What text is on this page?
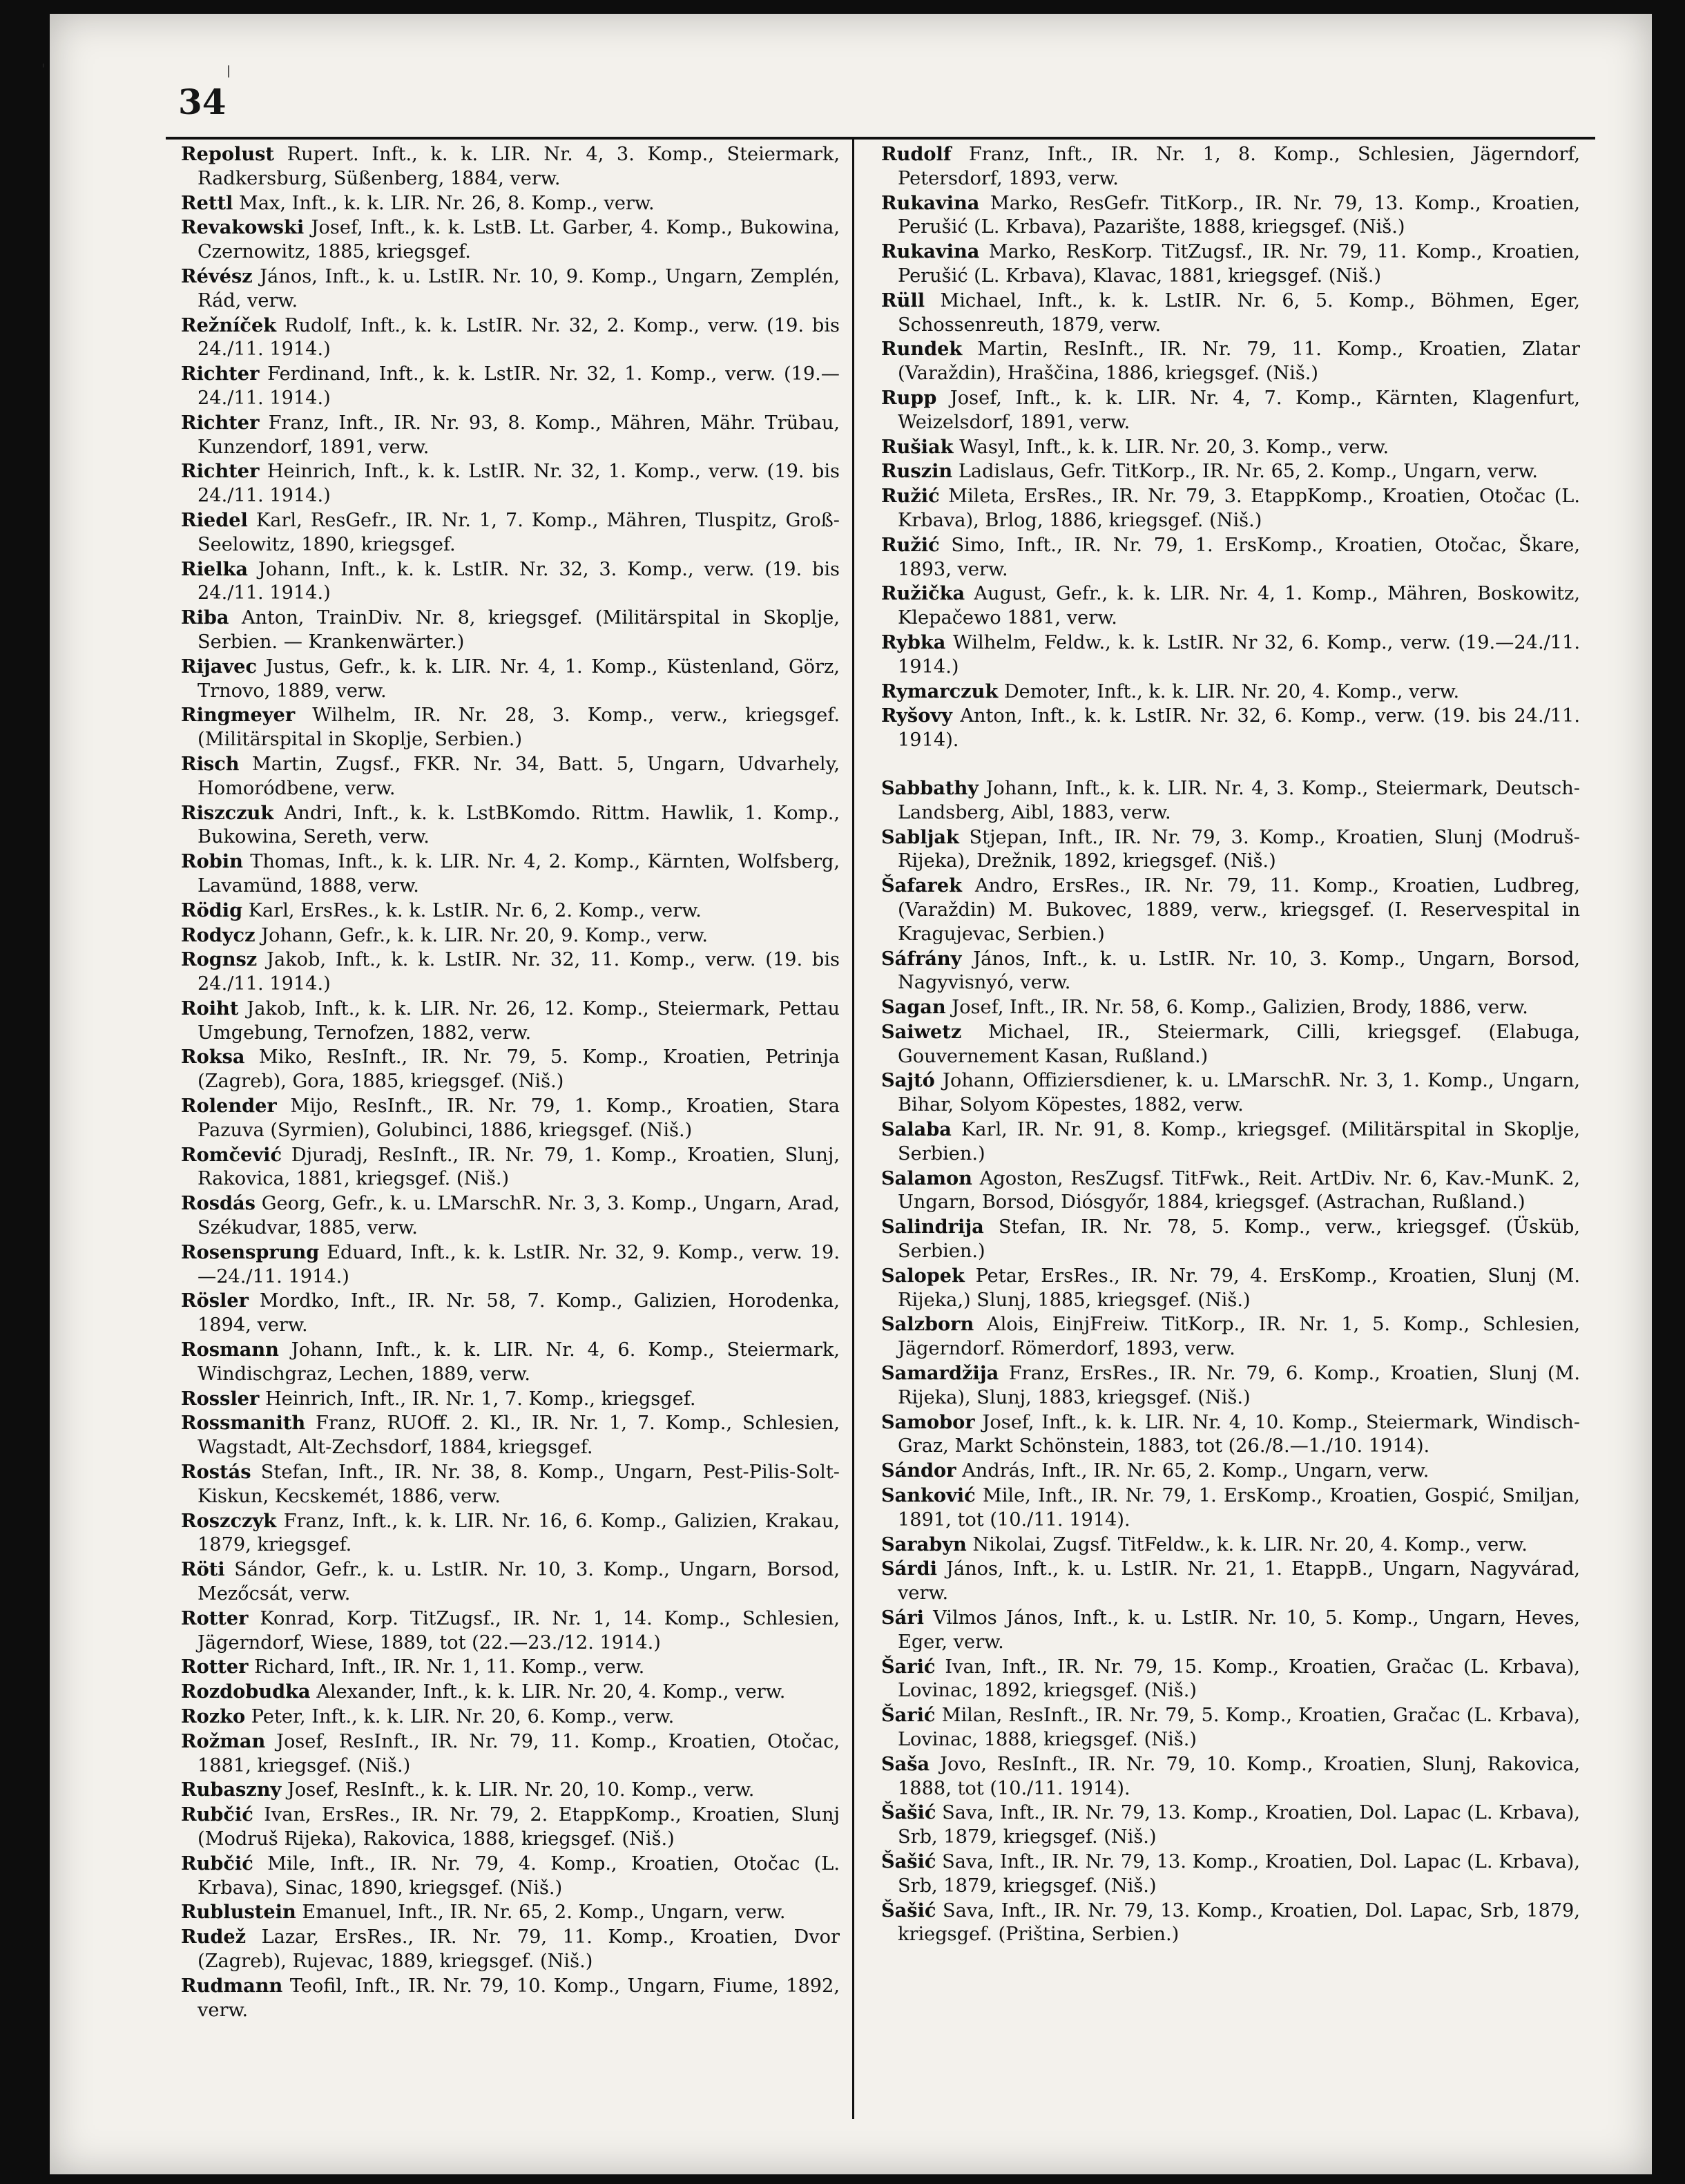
'	|
34
Repolust Rupert. Inft., k. k. LIR. Nr. 4, 3. Komp., Steiermark, Radkersburg, Süßenberg, 1884, verw.
Rettl Max, Inft., k. k. LIR. Nr. 26, 8. Komp., verw.
Revakowski Josef, Inft., k. k. LstB. Lt. Garber, 4. Komp., Bukowina, Czernowitz, 1885, kriegsgef.
Révész János, Inft., k. u. LstIR. Nr. 10, 9. Komp., Ungarn, Zemplén, Rád, verw.
Režníček Rudolf, Inft., k. k. LstIR. Nr. 32, 2. Komp., verw. (19. bis 24./11. 1914.)
Richter Ferdinand, Inft., k. k. LstIR. Nr. 32, 1. Komp., verw. (19.—24./11. 1914.)
Richter Franz, Inft., IR. Nr. 93, 8. Komp., Mähren, Mähr. Trübau, Kunzendorf, 1891, verw.
Richter Heinrich, Inft., k. k. LstIR. Nr. 32, 1. Komp., verw. (19. bis 24./11. 1914.)
Riedel Karl, ResGefr., IR. Nr. 1, 7. Komp., Mähren, Tluspitz, Groß-Seelowitz, 1890, kriegsgef.
Rielka Johann, Inft., k. k. LstIR. Nr. 32, 3. Komp., verw. (19. bis 24./11. 1914.)
Riba Anton, TrainDiv. Nr. 8, kriegsgef. (Militärspital in Skoplje, Serbien. — Krankenwärter.)
Rijavec Justus, Gefr., k. k. LIR. Nr. 4, 1. Komp., Küstenland, Görz, Trnovo, 1889, verw.
Ringmeyer Wilhelm, IR. Nr. 28, 3. Komp., verw., kriegsgef. (Militärspital in Skoplje, Serbien.)
Risch Martin, Zugsf., FKR. Nr. 34, Batt. 5, Ungarn, Udvarhely, Homoródbene, verw.
Riszczuk Andri, Inft., k. k. LstBKomdo. Rittm. Hawlik, 1. Komp., Bukowina, Sereth, verw.
Robin Thomas, Inft., k. k. LIR. Nr. 4, 2. Komp., Kärnten, Wolfsberg, Lavamünd, 1888, verw.
Rödig Karl, ErsRes., k. k. LstIR. Nr. 6, 2. Komp., verw.
Rodycz Johann, Gefr., k. k. LIR. Nr. 20, 9. Komp., verw.
Rognsz Jakob, Inft., k. k. LstIR. Nr. 32, 11. Komp., verw. (19. bis 24./11. 1914.)
Roiht Jakob, Inft., k. k. LIR. Nr. 26, 12. Komp., Steiermark, Pettau Umgebung, Ternofzen, 1882, verw.
Roksa Miko, ResInft., IR. Nr. 79, 5. Komp., Kroatien, Petrinja (Zagreb), Gora, 1885, kriegsgef. (Niš.)
Rolender Mijo, ResInft., IR. Nr. 79, 1. Komp., Kroatien, Stara Pazuva (Syrmien), Golubinci, 1886, kriegsgef. (Niš.)
Romčević Djuradj, ResInft., IR. Nr. 79, 1. Komp., Kroatien, Slunj, Rakovica, 1881, kriegsgef. (Niš.)
Rosdás Georg, Gefr., k. u. LMarschR. Nr. 3, 3. Komp., Ungarn, Arad, Székudvar, 1885, verw.
Rosensprung Eduard, Inft., k. k. LstIR. Nr. 32, 9. Komp., verw. 19.—24./11. 1914.)
Rösler Mordko, Inft., IR. Nr. 58, 7. Komp., Galizien, Horodenka, 1894, verw.
Rosmann Johann, Inft., k. k. LIR. Nr. 4, 6. Komp., Steiermark, Windischgraz, Lechen, 1889, verw.
Rossler Heinrich, Inft., IR. Nr. 1, 7. Komp., kriegsgef.
Rossmanith Franz, RUOff. 2. Kl., IR. Nr. 1, 7. Komp., Schlesien, Wagstadt, Alt-Zechsdorf, 1884, kriegsgef.
Rostás Stefan, Inft., IR. Nr. 38, 8. Komp., Ungarn, Pest-Pilis-Solt-Kiskun, Kecskemét, 1886, verw.
Roszczyk Franz, Inft., k. k. LIR. Nr. 16, 6. Komp., Galizien, Krakau, 1879, kriegsgef.
Röti Sándor, Gefr., k. u. LstIR. Nr. 10, 3. Komp., Ungarn, Borsod, Mezőcsát, verw.
Rotter Konrad, Korp. TitZugsf., IR. Nr. 1, 14. Komp., Schlesien, Jägerndorf, Wiese, 1889, tot (22.—23./12. 1914.)
Rotter Richard, Inft., IR. Nr. 1, 11. Komp., verw.
Rozdobudka Alexander, Inft., k. k. LIR. Nr. 20, 4. Komp., verw.
Rozko Peter, Inft., k. k. LIR. Nr. 20, 6. Komp., verw.
Rožman Josef, ResInft., IR. Nr. 79, 11. Komp., Kroatien, Otočac, 1881, kriegsgef. (Niš.)
Rubaszny Josef, ResInft., k. k. LIR. Nr. 20, 10. Komp., verw.
Rubčić Ivan, ErsRes., IR. Nr. 79, 2. EtappKomp., Kroatien, Slunj (Modruš Rijeka), Rakovica, 1888, kriegsgef. (Niš.)
Rubčić Mile, Inft., IR. Nr. 79, 4. Komp., Kroatien, Otočac (L. Krbava), Sinac, 1890, kriegsgef. (Niš.)
Rublustein Emanuel, Inft., IR. Nr. 65, 2. Komp., Ungarn, verw.
Rudež Lazar, ErsRes., IR. Nr. 79, 11. Komp., Kroatien, Dvor (Zagreb), Rujevac, 1889, kriegsgef. (Niš.)
Rudmann Teofil, Inft., IR. Nr. 79, 10. Komp., Ungarn, Fiume, 1892, verw.
Rudolf Franz, Inft., IR. Nr. 1, 8. Komp., Schlesien, Jägerndorf, Petersdorf, 1893, verw.
Rukavina Marko, ResGefr. TitKorp., IR. Nr. 79, 13. Komp., Kroatien, Perušić (L. Krbava), Pazarište, 1888, kriegsgef. (Niš.)
Rukavina Marko, ResKorp. TitZugsf., IR. Nr. 79, 11. Komp., Kroatien, Perušić (L. Krbava), Klavac, 1881, kriegsgef. (Niš.)
Rüll Michael, Inft., k. k. LstIR. Nr. 6, 5. Komp., Böhmen, Eger, Schossenreuth, 1879, verw.
Rundek Martin, ResInft., IR. Nr. 79, 11. Komp., Kroatien, Zlatar (Varaždin), Hraščina, 1886, kriegsgef. (Niš.)
Rupp Josef, Inft., k. k. LIR. Nr. 4, 7. Komp., Kärnten, Klagenfurt, Weizelsdorf, 1891, verw.
Rušiak Wasyl, Inft., k. k. LIR. Nr. 20, 3. Komp., verw.
Ruszin Ladislaus, Gefr. TitKorp., IR. Nr. 65, 2. Komp., Ungarn, verw.
Ružić Mileta, ErsRes., IR. Nr. 79, 3. EtappKomp., Kroatien, Otočac (L. Krbava), Brlog, 1886, kriegsgef. (Niš.)
Ružić Simo, Inft., IR. Nr. 79, 1. ErsKomp., Kroatien, Otočac, Škare, 1893, verw.
Ružička August, Gefr., k. k. LIR. Nr. 4, 1. Komp., Mähren, Boskowitz, Klepačewo 1881, verw.
Rybka Wilhelm, Feldw., k. k. LstIR. Nr 32, 6. Komp., verw. (19.—24./11. 1914.)
Rymarczuk Demoter, Inft., k. k. LIR. Nr. 20, 4. Komp., verw.
Ryšovy Anton, Inft., k. k. LstIR. Nr. 32, 6. Komp., verw. (19. bis 24./11. 1914).
Sabbathy Johann, Inft., k. k. LIR. Nr. 4, 3. Komp., Steiermark, Deutsch-Landsberg, Aibl, 1883, verw.
Sabljak Stjepan, Inft., IR. Nr. 79, 3. Komp., Kroatien, Slunj (Modruš-Rijeka), Drežnik, 1892, kriegsgef. (Niš.)
Šafarek Andro, ErsRes., IR. Nr. 79, 11. Komp., Kroatien, Ludbreg, (Varaždin) M. Bukovec, 1889, verw., kriegsgef. (I. Reservespital in Kragujevac, Serbien.)
Sáfrány János, Inft., k. u. LstIR. Nr. 10, 3. Komp., Ungarn, Borsod, Nagyvisnyó, verw.
Sagan Josef, Inft., IR. Nr. 58, 6. Komp., Galizien, Brody, 1886, verw.
Saiwetz Michael, IR., Steiermark, Cilli, kriegsgef. (Elabuga, Gouvernement Kasan, Rußland.)
Sajtó Johann, Offiziersdiener, k. u. LMarschR. Nr. 3, 1. Komp., Ungarn, Bihar, Solyom Köpestes, 1882, verw.
Salaba Karl, IR. Nr. 91, 8. Komp., kriegsgef. (Militärspital in Skoplje, Serbien.)
Salamon Agoston, ResZugsf. TitFwk., Reit. ArtDiv. Nr. 6, Kav.-MunK. 2, Ungarn, Borsod, Diósgyőr, 1884, kriegsgef. (Astrachan, Rußland.)
Salindrija Stefan, IR. Nr. 78, 5. Komp., verw., kriegsgef. (Üsküb, Serbien.)
Salopek Petar, ErsRes., IR. Nr. 79, 4. ErsKomp., Kroatien, Slunj (M. Rijeka,) Slunj, 1885, kriegsgef. (Niš.)
Salzborn Alois, EinjFreiw. TitKorp., IR. Nr. 1, 5. Komp., Schlesien, Jägerndorf. Römerdorf, 1893, verw.
Samardžija Franz, ErsRes., IR. Nr. 79, 6. Komp., Kroatien, Slunj (M. Rijeka), Slunj, 1883, kriegsgef. (Niš.)
Samobor Josef, Inft., k. k. LIR. Nr. 4, 10. Komp., Steiermark, Windisch-Graz, Markt Schönstein, 1883, tot (26./8.—1./10. 1914).
Sándor András, Inft., IR. Nr. 65, 2. Komp., Ungarn, verw.
Sanković Mile, Inft., IR. Nr. 79, 1. ErsKomp., Kroatien, Gospić, Smiljan, 1891, tot (10./11. 1914).
Sarabyn Nikolai, Zugsf. TitFeldw., k. k. LIR. Nr. 20, 4. Komp., verw.
Sárdi János, Inft., k. u. LstIR. Nr. 21, 1. EtappB., Ungarn, Nagyvárad, verw.
Sári Vilmos János, Inft., k. u. LstIR. Nr. 10, 5. Komp., Ungarn, Heves, Eger, verw.
Šarić Ivan, Inft., IR. Nr. 79, 15. Komp., Kroatien, Gračac (L. Krbava), Lovinac, 1892, kriegsgef. (Niš.)
Šarić Milan, ResInft., IR. Nr. 79, 5. Komp., Kroatien, Gračac (L. Krbava), Lovinac, 1888, kriegsgef. (Niš.)
Saša Jovo, ResInft., IR. Nr. 79, 10. Komp., Kroatien, Slunj, Rakovica, 1888, tot (10./11. 1914).
Šašić Sava, Inft., IR. Nr. 79, 13. Komp., Kroatien, Dol. Lapac (L. Krbava), Srb, 1879, kriegsgef. (Niš.)
Šašić Sava, Inft., IR. Nr. 79, 13. Komp., Kroatien, Dol. Lapac (L. Krbava), Srb, 1879, kriegsgef. (Niš.)
Šašić Sava, Inft., IR. Nr. 79, 13. Komp., Kroatien, Dol. Lapac, Srb, 1879, kriegsgef. (Priština, Serbien.)
